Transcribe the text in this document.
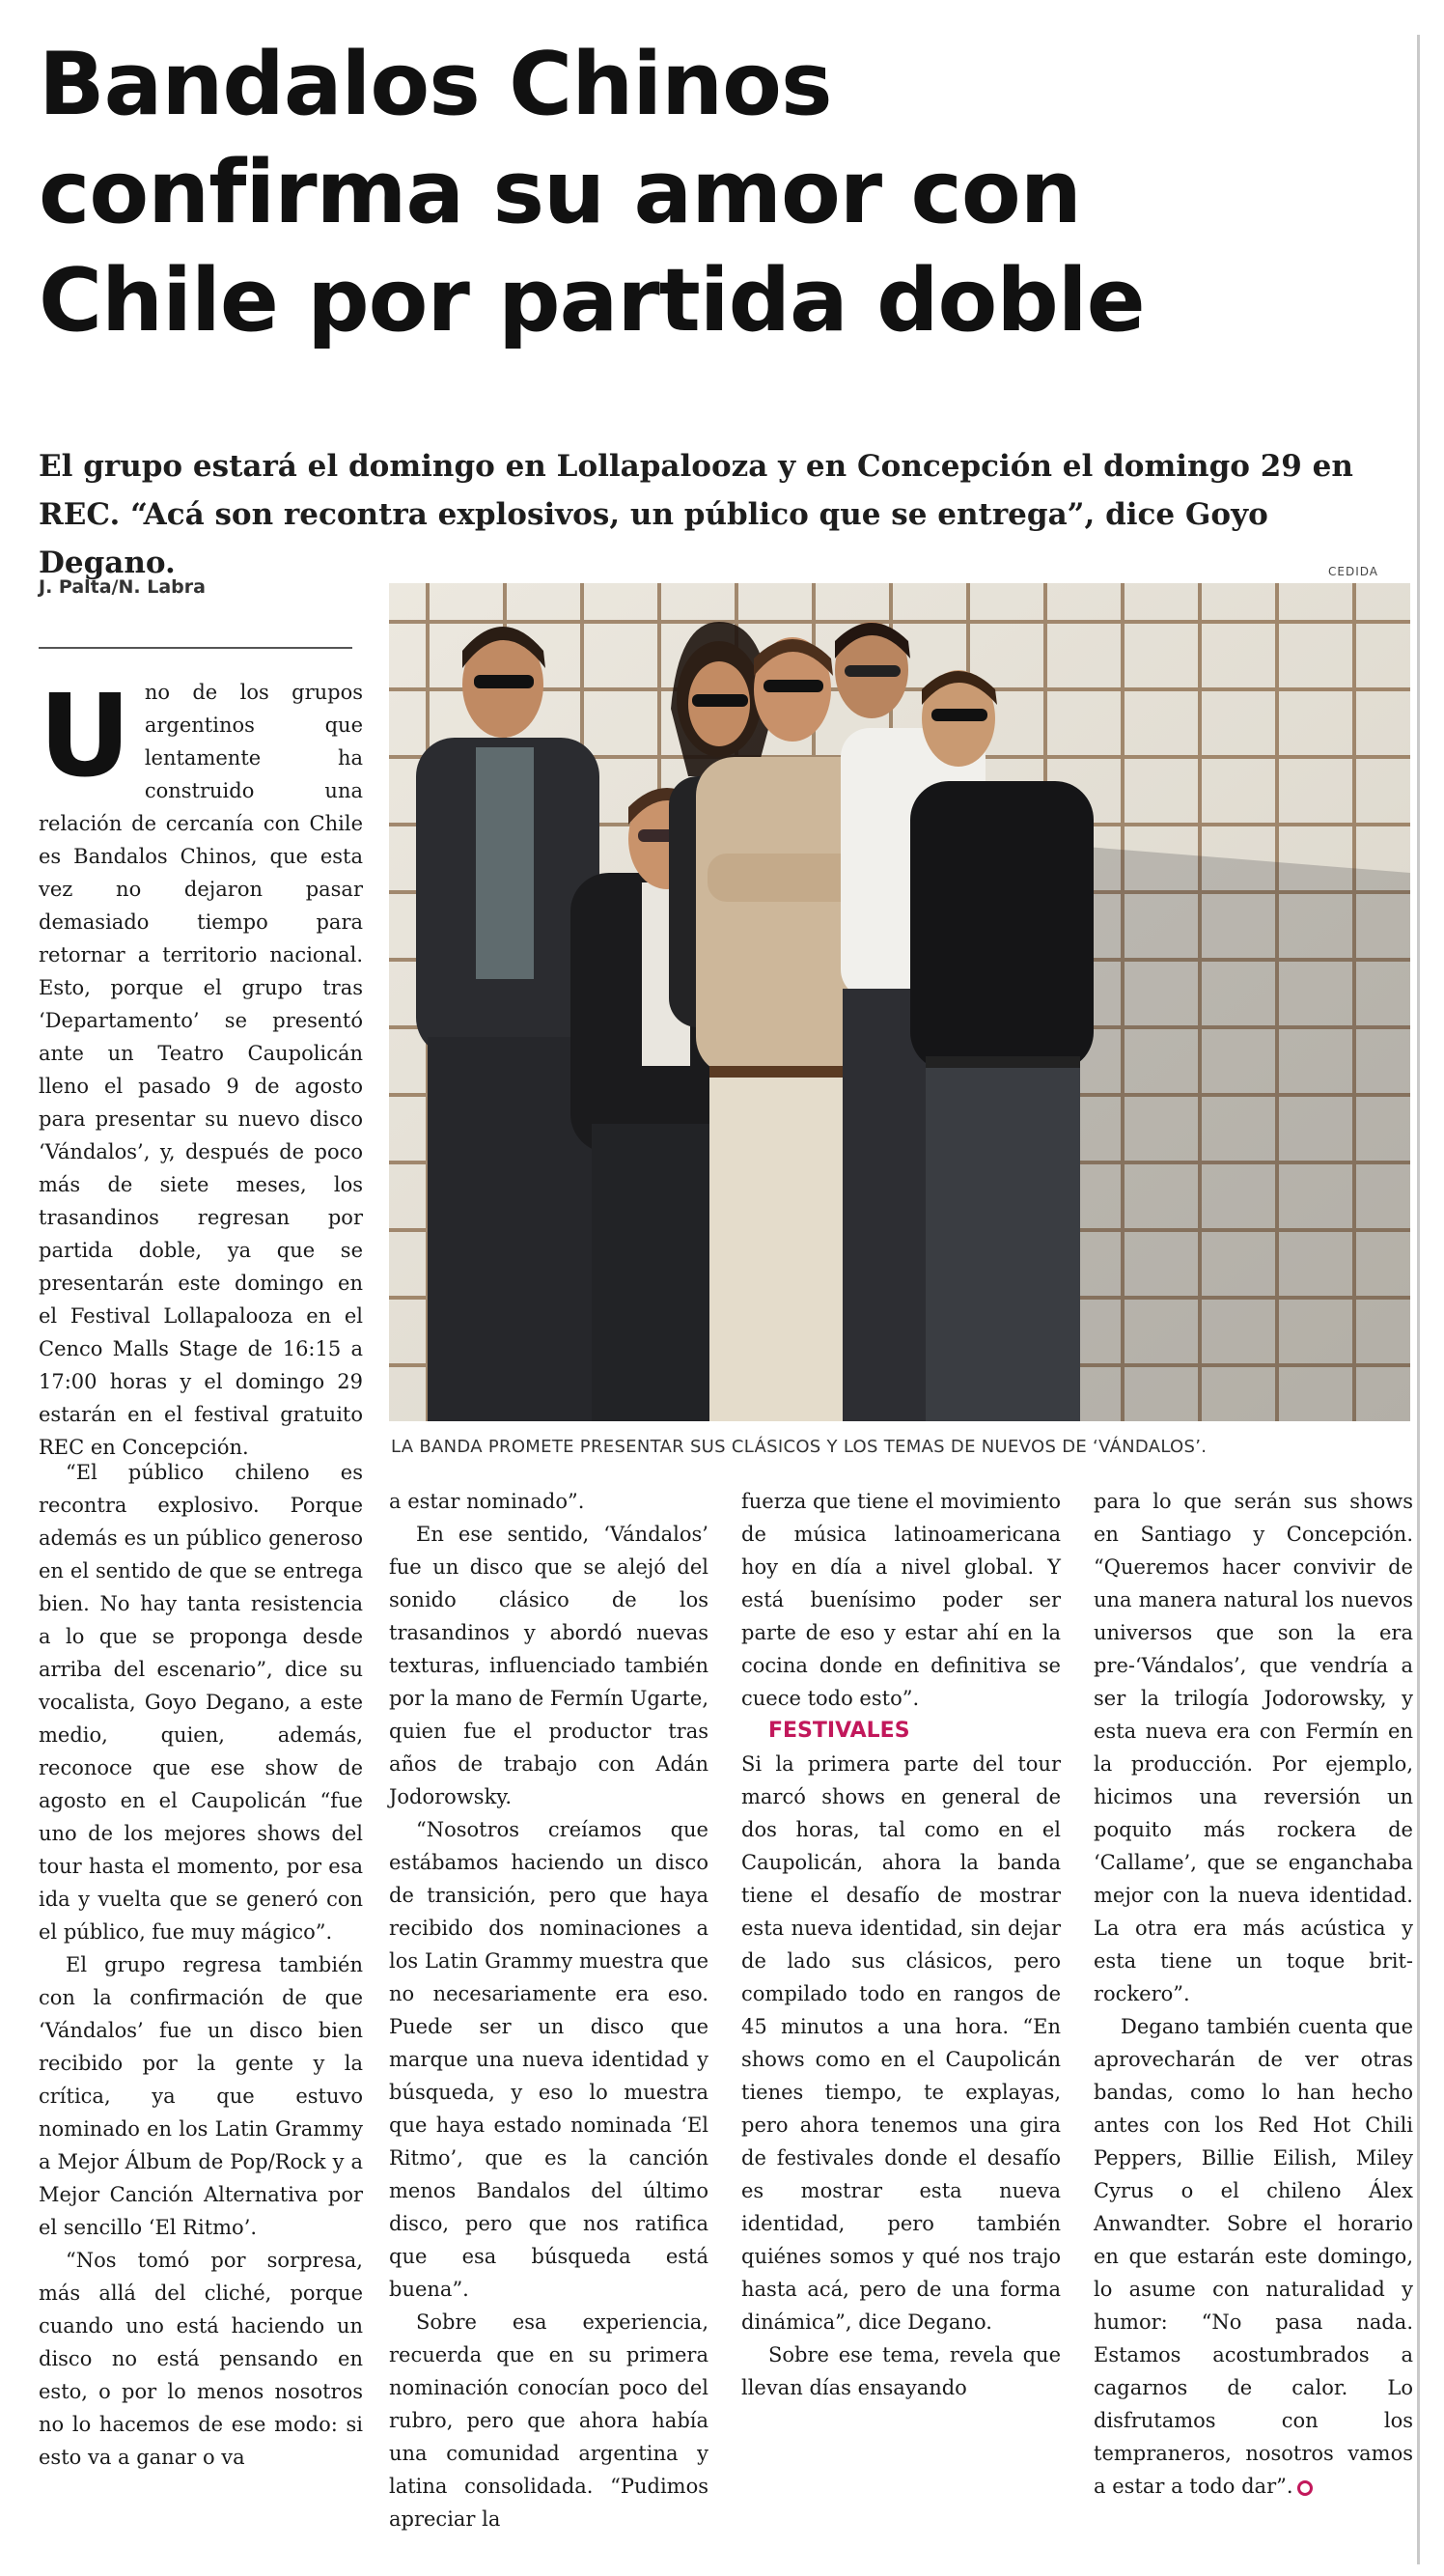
Bandalos Chinos
confirma su amor con
Chile por partida doble

El grupo estará el domingo en Lollapalooza y en Concepción el domingo 29 en REC. “Acá son recontra explosivos, un público que se entrega”, dice Goyo Degano.

J. Palta/N. Labra
CEDIDA
LA BANDA PROMETE PRESENTAR SUS CLÁSICOS Y LOS TEMAS DE NUEVOS DE ‘VÁNDALOS’.
Uno de los grupos argentinos que lentamente ha construido una relación de cercanía con Chile es Bandalos Chinos, que esta vez no dejaron pasar demasiado tiempo para retornar a territorio nacional. Esto, porque el grupo tras ‘Departamento’ se presentó ante un Teatro Caupolicán lleno el pasado 9 de agosto para presentar su nuevo disco ‘Vándalos’, y, después de poco más de siete meses, los trasandinos regresan por partida doble, ya que se presentarán este domingo en el Festival Lollapalooza en el Cenco Malls Stage de 16:15 a 17:00 horas y el domingo 29 estarán en el festival gratuito REC en Concepción.

“El público chileno es recontra explosivo. Porque además es un público generoso en el sentido de que se entrega bien. No hay tanta resistencia a lo que se proponga desde arriba del escenario”, dice su vocalista, Goyo Degano, a este medio, quien, además, reconoce que ese show de agosto en el Caupolicán “fue uno de los mejores shows del tour hasta el momento, por esa ida y vuelta que se generó con el público, fue muy mágico”.

El grupo regresa también con la confirmación de que ‘Vándalos’ fue un disco bien recibido por la gente y la crítica, ya que estuvo nominado en los Latin Grammy a Mejor Álbum de Pop/Rock y a Mejor Canción Alternativa por el sencillo ‘El Ritmo’.

“Nos tomó por sorpresa, más allá del cliché, porque cuando uno está haciendo un disco no está pensando en esto, o por lo menos nosotros no lo hacemos de ese modo: si esto va a ganar o va

a estar nominado”.

En ese sentido, ‘Vándalos’ fue un disco que se alejó del sonido clásico de los trasandinos y abordó nuevas texturas, influenciado también por la mano de Fermín Ugarte, quien fue el productor tras años de trabajo con Adán Jodorowsky.

“Nosotros creíamos que estábamos haciendo un disco de transición, pero que haya recibido dos nominaciones a los Latin Grammy muestra que no necesariamente era eso. Puede ser un disco que marque una nueva identidad y búsqueda, y eso lo muestra que haya estado nominada ‘El Ritmo’, que es la canción menos Bandalos del último disco, pero que nos ratifica que esa búsqueda está buena”.

Sobre esa experiencia, recuerda que en su primera nominación conocían poco del rubro, pero que ahora había una comunidad argentina y latina consolidada. “Pudimos apreciar la

fuerza que tiene el movimiento de música latinoamericana hoy en día a nivel global. Y está buenísimo poder ser parte de eso y estar ahí en la cocina donde en definitiva se cuece todo esto”.

FESTIVALES

Si la primera parte del tour marcó shows en general de dos horas, tal como en el Caupolicán, ahora la banda tiene el desafío de mostrar esta nueva identidad, sin dejar de lado sus clásicos, pero compilado todo en rangos de 45 minutos a una hora. “En shows como en el Caupolicán tienes tiempo, te explayas, pero ahora tenemos una gira de festivales donde el desafío es mostrar esta nueva identidad, pero también quiénes somos y qué nos trajo hasta acá, pero de una forma dinámica”, dice Degano.

Sobre ese tema, revela que llevan días ensayando

para lo que serán sus shows en Santiago y Concepción. “Queremos hacer convivir de una manera natural los nuevos universos que son la era pre-‘Vándalos’, que vendría a ser la trilogía Jodorowsky, y esta nueva era con Fermín en la producción. Por ejemplo, hicimos una reversión un poquito más rockera de ‘Callame’, que se enganchaba mejor con la nueva identidad. La otra era más acústica y esta tiene un toque brit-rockero”.

Degano también cuenta que aprovecharán de ver otras bandas, como lo han hecho antes con los Red Hot Chili Peppers, Billie Eilish, Miley Cyrus o el chileno Álex Anwandter. Sobre el horario en que estarán este domingo, lo asume con naturalidad y humor: “No pasa nada. Estamos acostumbrados a cagarnos de calor. Lo disfrutamos con los tempraneros, nosotros vamos a estar a todo dar”.
